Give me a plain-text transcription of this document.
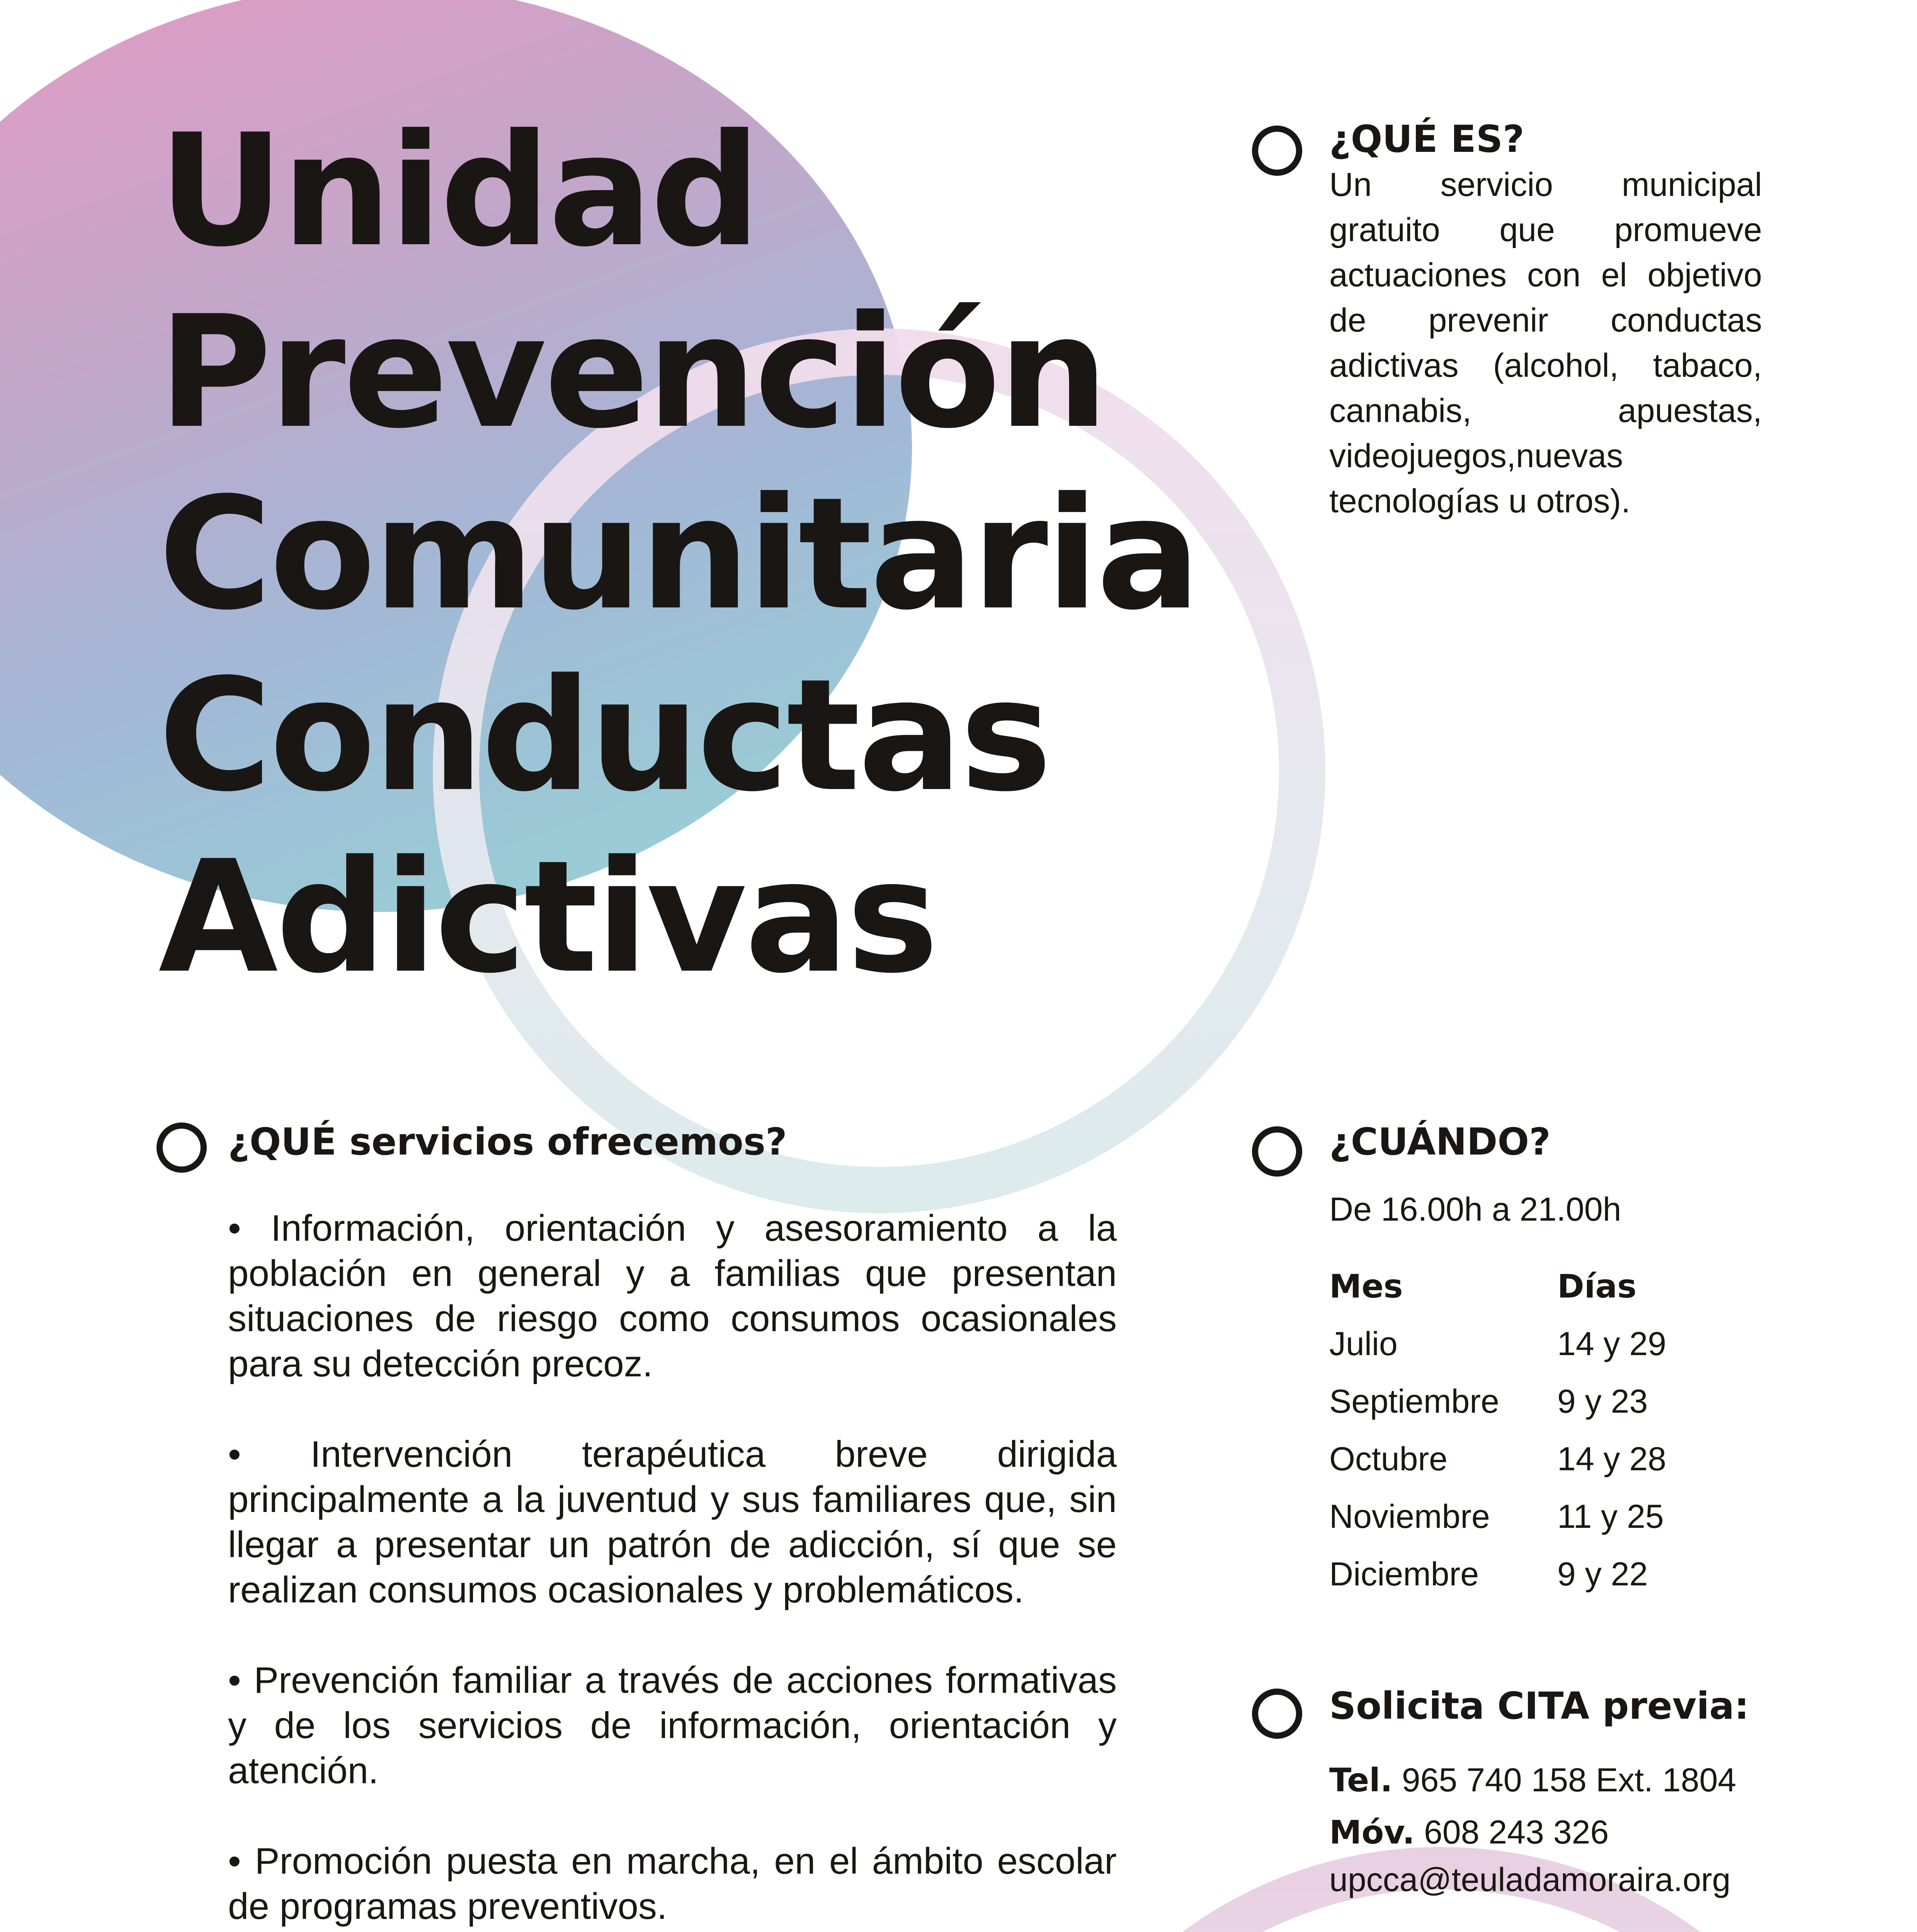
Unidad
Prevención
Comunitaria
Conductas
Adictivas
¿QUÉ ES?

Un servicio municipal gratuito que promueve actuaciones con el objetivo de prevenir conductas adictivas (alcohol, tabaco, cannabis, apuestas, videojuegos,nuevas tecnologías u otros).

¿QUÉ servicios ofrecemos?

• Información, orientación y asesoramiento a la población en general y a familias que presentan situaciones de riesgo como consumos ocasionales para su detección precoz.

• Intervención terapéutica breve dirigida principalmente a la juventud y sus familiares que, sin llegar a presentar un patrón de adicción, sí que se realizan consumos ocasionales y problemáticos.

• Prevención familiar a través de acciones formativas y de los servicios de información, orientación y atención.

• Promoción puesta en marcha, en el ámbito escolar de programas preventivos.

¿CUÁNDO?
De 16.00h a 21.00h
Mes	Días
Julio	14 y 29
Septiembre	9 y 23
Octubre	14 y 28
Noviembre	11 y 25
Diciembre	9 y 22
Solicita CITA previa:
Tel. 965 740 158 Ext. 1804
Móv. 608 243 326
upcca@teuladamoraira.org
